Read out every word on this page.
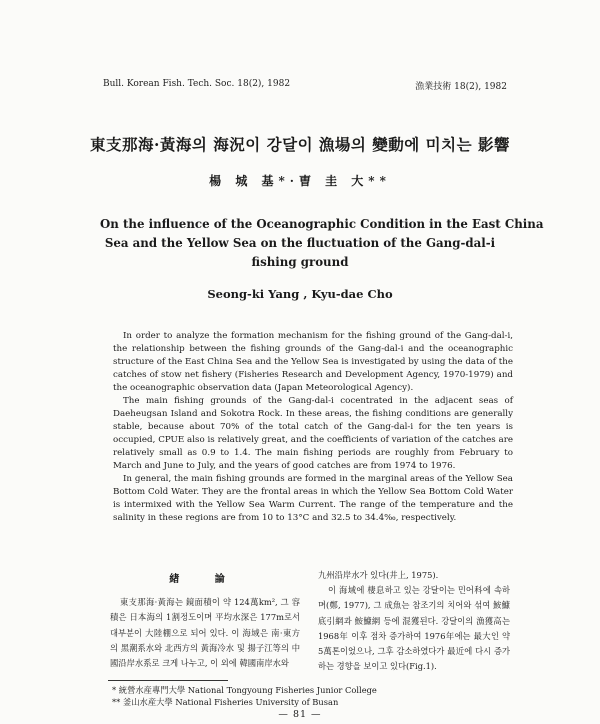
Bull. Korean Fish. Tech. Soc. 18(2), 1982	漁業技術 18(2), 1982
東支那海·黃海의 海況이 강달이 漁場의 變動에 미치는 影響
楊 城 基*·曺 圭 大**
On the influence of the Oceanographic Condition in the East China
Sea and the Yellow Sea on the fluctuation of the Gang-dal-i
fishing ground
Seong-ki Yang , Kyu-dae Cho

In order to analyze the formation mechanism for the fishing ground of the Gang-dal-i, the relationship between the fishing grounds of the Gang-dal-i and the oceanographic structure of the East China Sea and the Yellow Sea is investigated by using the data of the catches of stow net fishery (Fisheries Research and Development Agency, 1970-1979) and the oceanographic observation data (Japan Meteorological Agency).

The main fishing grounds of the Gang-dal-i cocentrated in the adjacent seas of Daeheugsan Island and Sokotra Rock. In these areas, the fishing conditions are generally stable, because about 70% of the total catch of the Gang-dal-i for the ten years is occupied, CPUE also is relatively great, and the coefficients of variation of the catches are relatively small as 0.9 to 1.4. The main fishing periods are roughly from February to March and June to July, and the years of good catches are from 1974 to 1976.

In general, the main fishing grounds are formed in the marginal areas of the Yellow Sea Bottom Cold Water. They are the frontal areas in which the Yellow Sea Bottom Cold Water is intermixed with the Yellow Sea Warm Current. The range of the temperature and the salinity in these regions are from 10 to 13°C and 32.5 to 34.4‰, respectively.

緖 論

東支那海·黃海는 鏡面積이 약 124萬km², 그 容積은 日本海의 1割정도이며 平均水深은 177m로서 대부분이 大陸棚으로 되어 있다. 이 海域은 南·東方의 黑潮系水와 北西方의 黃海冷水 및 揚子江等의 中國沿岸水系로 크게 나누고, 이 외에 韓國南岸水와

九州沿岸水가 있다(井上, 1975).

이 海域에 棲息하고 있는 강달이는 민어科에 속하며(鄭, 1977), 그 成魚는 참조기의 치어와 섞여 鮟鱇底引網과 鮟鱇網 등에 混獲된다. 강달이의 漁獲高는 1968年 이후 점차 증가하여 1976年에는 最大인 약 5萬톤이었으나, 그후 감소하였다가 最近에 다시 증가하는 경향을 보이고 있다(Fig.1).

* 統營水産專門大學 National Tongyoung Fisheries Junior College
** 釜山水産大學 National Fisheries University of Busan
— 81 —
